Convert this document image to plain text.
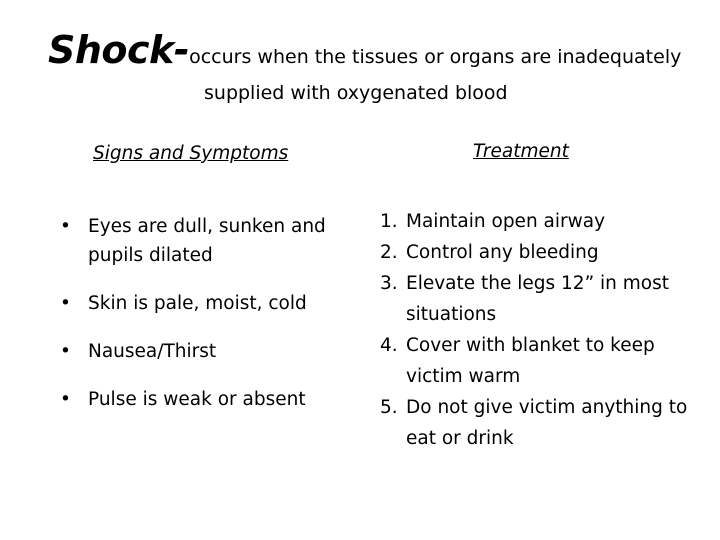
Shock-occurs when the tissues or organs are inadequately
supplied with oxygenated blood
Signs and Symptoms	Treatment
• Eyes are dull, sunken and pupils dilated
• Skin is pale, moist, cold
• Nausea/Thirst
• Pulse is weak or absent
1. Maintain open airway
2. Control any bleeding
3. Elevate the legs 12” in most situations
4. Cover with blanket to keep victim warm
5. Do not give victim anything to eat or drink
